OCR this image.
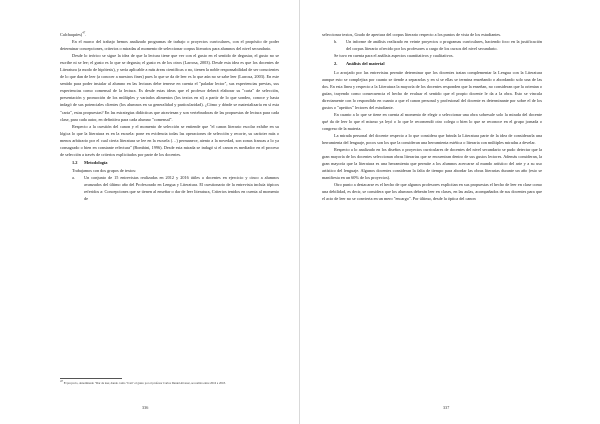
Calchaquíes)$^{47}$.

En el marco del trabajo hemos analizado programas de trabajo o proyectos curriculares, con el propósito de poder determinar concepciones, criterios o miradas al momento de seleccionar corpus literarios para alumnos del nivel secundario.

Desde lo teórico se sigue la idea de que la lectura tiene que ver con el gusto en el sentido de degustar, el gusto no se escribe ni se lee; el gusto es lo que se degusta; el gusto es de los otros (Larrosa, 2003). Desde esta idea es que los docentes de Literatura (a modo de hipótesis), y sería aplicable a más áreas científicas o no, tienen la noble responsabilidad de ser conscientes de lo que dan de leer (a conocer a nuestros fines) pues lo que se da de leer es lo que aún no se sabe leer (Larrosa, 2003). En este sentido para poder instalar al alumno en las lecturas debe tenerse en cuenta el "paladar lector", sus experiencias previas, sus experiencias como comensal de la lectura. Es desde estas ideas que el profesor deberá elaborar su "carta" de selección, presentación y promoción de los múltiples y variados alimentos (los textos en sí) a partir de lo que sondeo, conoce y hasta indagó de sus potenciales clientes (los alumnos en su generalidad y particularidad). ¿Cómo y dónde se materializaría en sí esta "carta", estas propuestas? En las estrategias didácticas que atraviesan y son vertebradoras de las propuestas de lectura para cada clase, para cada autor, en definitiva para cada alumno "comensal".

Respecto a la cuestión del canon y el momento de selección se entiende que "el canon literario escolar exhibe en su lógica lo que la literatura es en la escuela: pone en evidencia todas las operaciones de selección y recorte, su carácter más o menos arbitrario por el cual cierta literatura se lee en la escuela (…) permanece, atento a la novedad, son zonas francas a lo ya consagrado o bien en constante relectura" (Bombini, 1996). Desde esta mirada se indagó si el canon es mediador en el proceso de selección a través de criterios explicitados por parte de los docentes.

1.2 Metodología

Trabajamos con dos grupos de textos:

a. Un conjunto de 15 entrevistas realizadas en 2012 y 2016 útiles a docentes en ejercicio y cinco a alumnos avanzados del último año del Profesorado en Lengua y Literatura. El cuestionario de la entrevista incluía tópicos referidos a: Concepciones que se tienen al enseñar o dar de leer literatura, Criterios tenidos en cuenta al momento de

$^{47}$ El proyecto, denominado "Dar de leer, dando como "ivan" el gusto por el profesor Carlos Daniel Alvarez, se realizó entre 2016 a 2018.
336

seleccionar textos, Grado de apertura del corpus literario respecto a los puntos de vista de los estudiantes.

b. Un informe de análisis realizado en veinte proyectos o programas curriculares, haciendo foco en la justificación del corpus literario ofrecido por los profesores a cargo de los cursos del nivel secundario.

Se tuvo en cuenta para el análisis aspectos cuantitativos y cualitativos.

2. Análisis del material

Lo arrojado por las entrevistas permite determinar que los docentes tratan complementar la Lengua con la Literatura aunque esto se complejiza por cuanto se tiende a separarlas y en sí se ellas se termina enseñando o abordando solo una de las dos. En esta línea y respecto a la Literatura la mayoría de los docentes responden que la enseñan, no consideran que la orientan o guían, trayendo como consecuencia el hecho de evaluar el sentido que el propio docente le da a la obra. Esto se vincula directamente con lo respondido en cuanto a que el canon personal y profesional del docente es determinante por sobre el de los gustos o "apetitos" lectores del estudiante.

En cuanto a lo que se tiene en cuenta al momento de elegir o seleccionar una obra sobresale solo la mirada del docente qué da de leer lo que el mismo ya leyó o lo que le recomendó otro colega o bien lo que se reconoce en el grupo jornada o congreso de la materia.

La mirada personal del docente respecto a lo que considera que brinda la Literatura parte de la idea de considerarla una herramienta del lenguaje, pocos son los que la consideran una herramienta estética o literaria con múltiples miradas a develar.

Respecto a lo analizado en los diseños o proyectos curriculares de docentes del nivel secundario se pudo detectar que la gran mayoría de los docentes seleccionan obras literarias que se encuentran dentro de sus gustos lectores. Además consideran, la gran mayoría que la literatura es una herramienta que permite a los alumnos acercarse al mundo artístico del arte y a su uso artístico del lenguaje. Algunos docentes consideran la falta de tiempo para abordar las obras literarias durante un año (esto se manifiesta en un 60% de los proyectos).

Otro punto a destacarse es el hecho de que algunos profesores explicitan en sus propuestas el hecho de leer en clase como una debilidad, es decir, se considera que los alumnos deberán leer en clases, en las aulas, acompañados de sus docentes para que el acto de leer no se convierta en un mero "encargo". Por último, desde la óptica del canon

337
